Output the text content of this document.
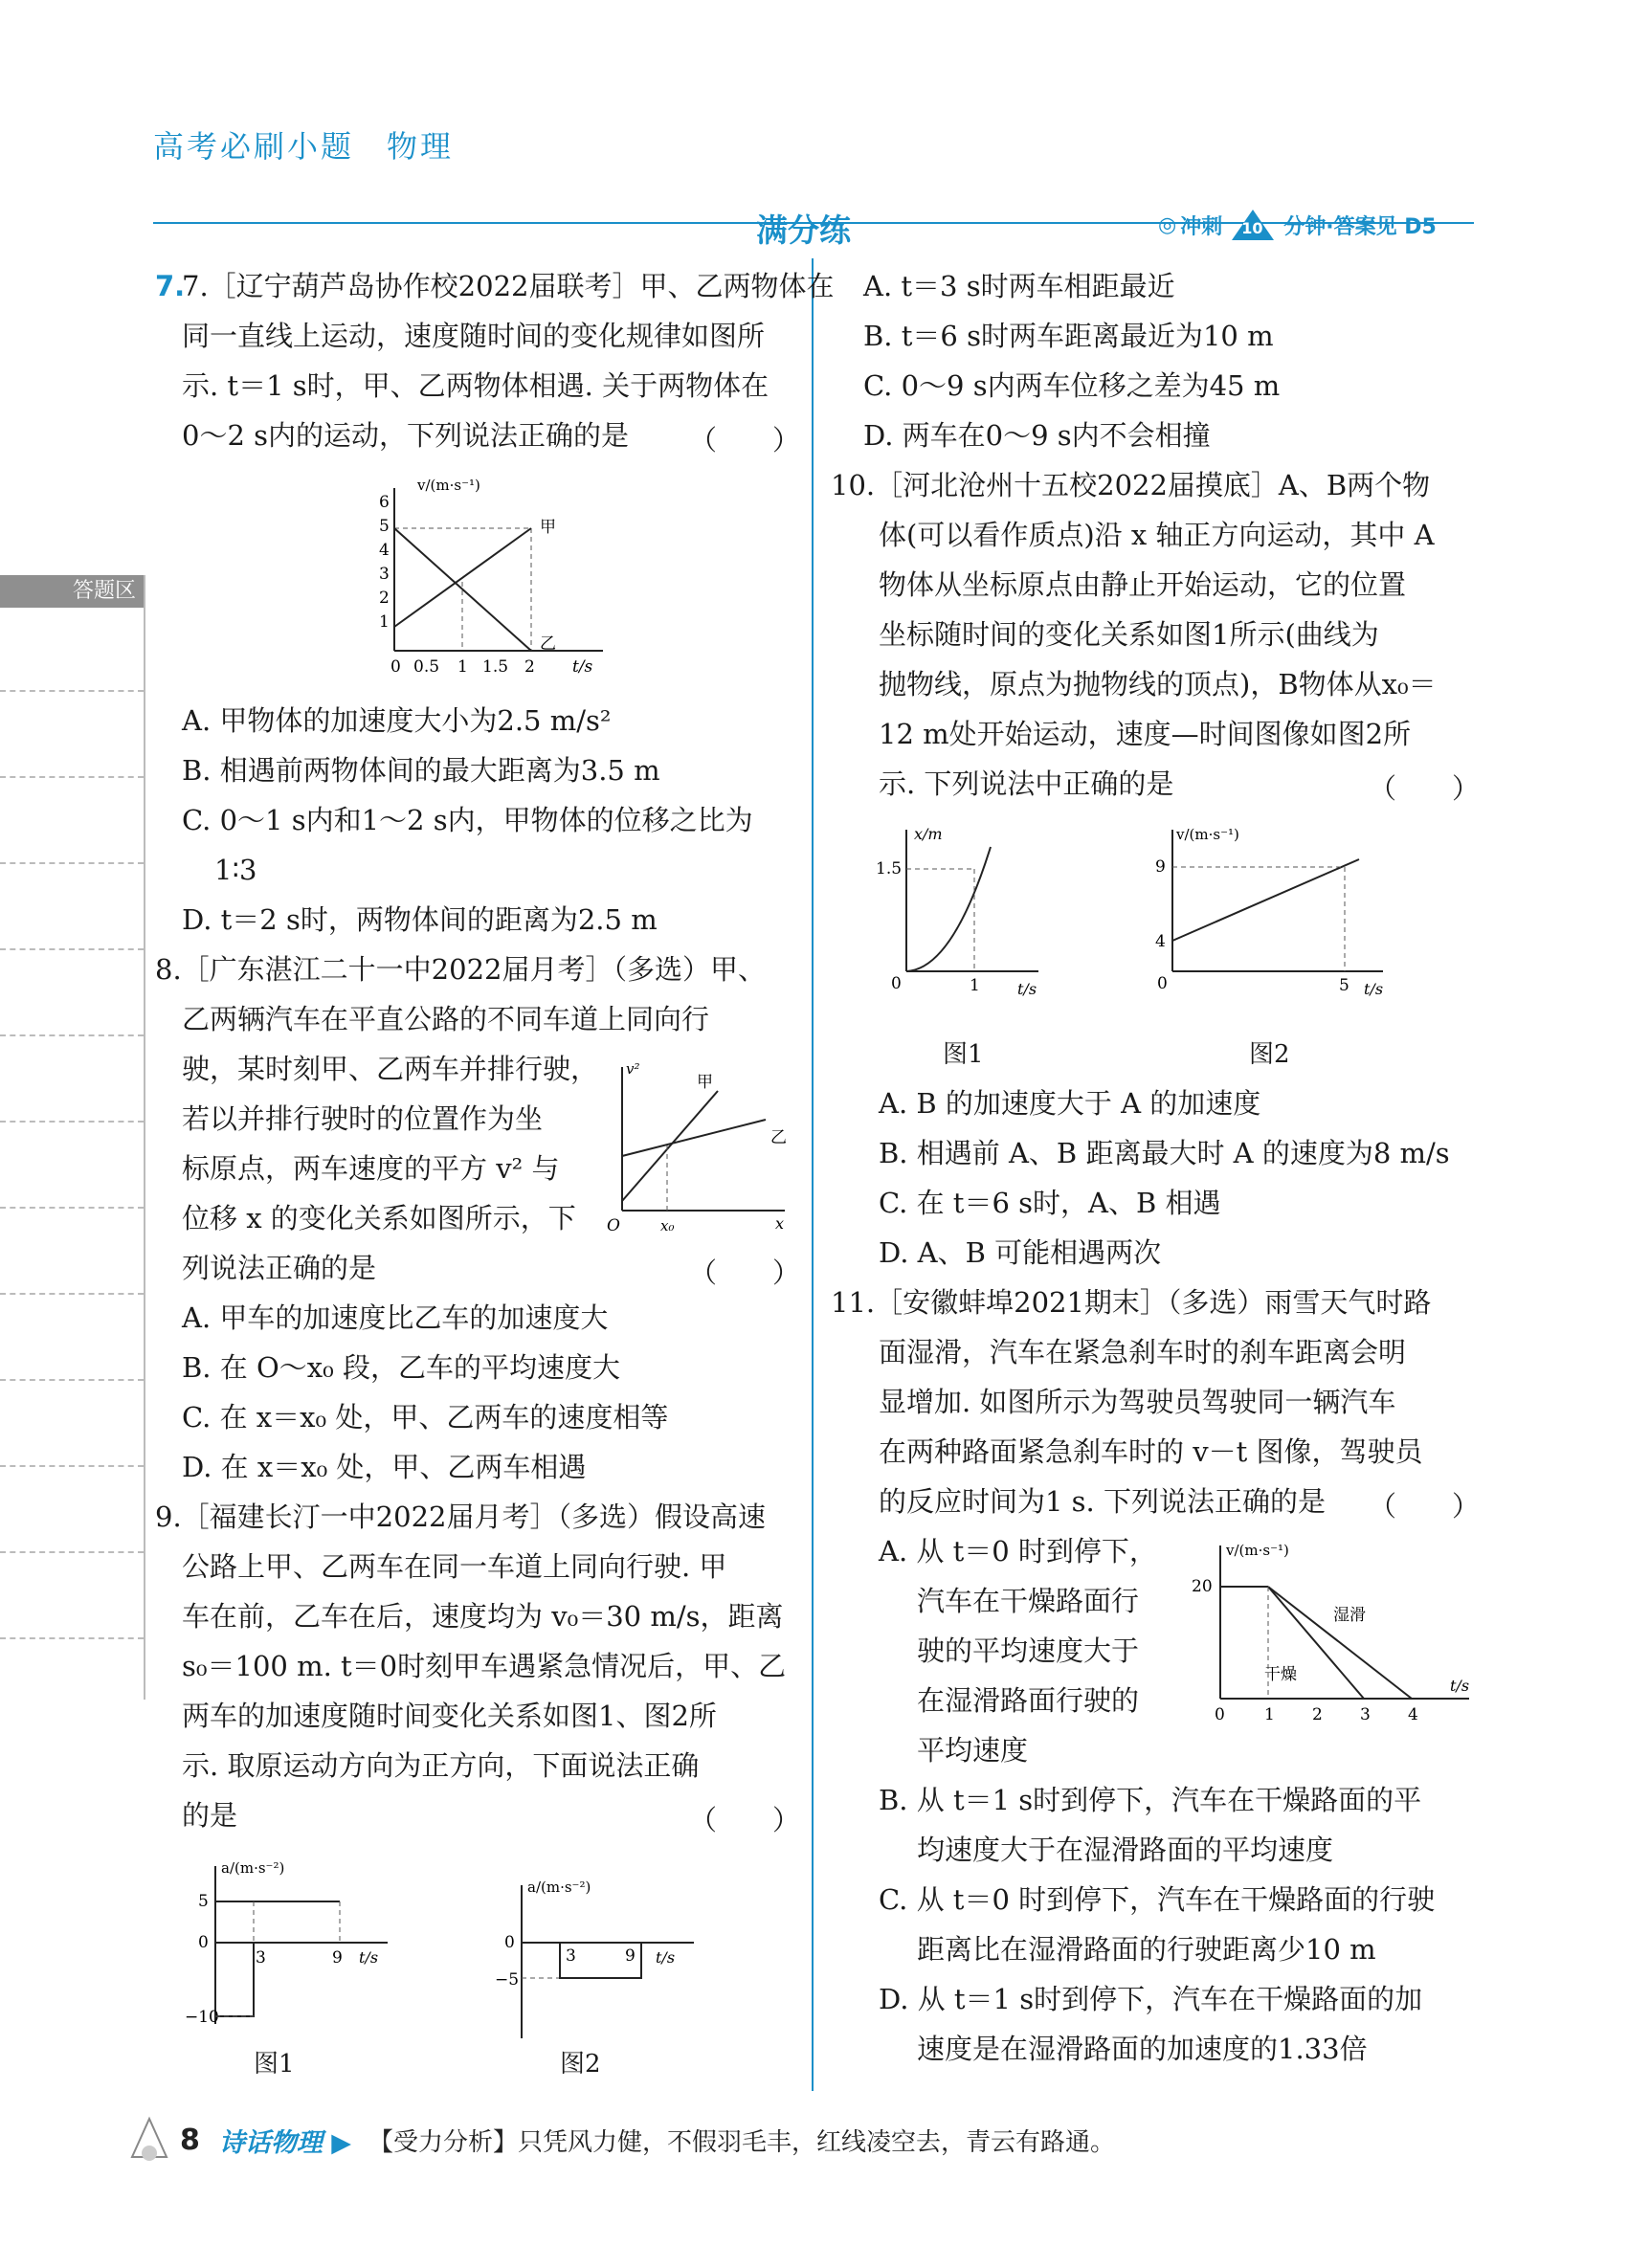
高考必刷小题 物理
满分练	◎ 冲刺 10 分钟·答案见 D5
答题区
7.
7.［辽宁葫芦岛协作校2022届联考］甲、乙两物体在
同一直线上运动，速度随时间的变化规律如图所
示. t＝1 s时，甲、乙两物体相遇. 关于两物体在
0～2 s内的运动，下列说法正确的是 （　　）
v/(m·s⁻¹)
t/s
6
5
4
3
2
1
0 0.5 1 1.5 2
甲
乙
A. 甲物体的加速度大小为2.5 m/s²
B. 相遇前两物体间的最大距离为3.5 m
C. 0～1 s内和1～2 s内，甲物体的位移之比为
1∶3
D. t＝2 s时，两物体间的距离为2.5 m
8.［广东湛江二十一中2022届月考］（多选）甲、
乙两辆汽车在平直公路的不同车道上同向行
驶，某时刻甲、乙两车并排行驶，
若以并排行驶时的位置作为坐
标原点，两车速度的平方 v² 与
位移 x 的变化关系如图所示，下
列说法正确的是	（　　）
v²
x
O	x₀
甲
乙
A. 甲车的加速度比乙车的加速度大
B. 在 O～x₀ 段，乙车的平均速度大
C. 在 x＝x₀ 处，甲、乙两车的速度相等
D. 在 x＝x₀ 处，甲、乙两车相遇
9.［福建长汀一中2022届月考］（多选）假设高速
公路上甲、乙两车在同一车道上同向行驶. 甲
车在前，乙车在后，速度均为 v₀＝30 m/s，距离
s₀＝100 m. t＝0时刻甲车遇紧急情况后，甲、乙
两车的加速度随时间变化关系如图1、图2所
示. 取原运动方向为正方向，下面说法正确
的是	（　　）
a/(m·s⁻²)
t/s
5
0
−10
3	9
图1
a/(m·s⁻²)
t/s
0
−5
3	9
图2
A. t＝3 s时两车相距最近
B. t＝6 s时两车距离最近为10 m
C. 0～9 s内两车位移之差为45 m
D. 两车在0～9 s内不会相撞
10.［河北沧州十五校2022届摸底］A、B两个物
体(可以看作质点)沿 x 轴正方向运动，其中 A
物体从坐标原点由静止开始运动，它的位置
坐标随时间的变化关系如图1所示(曲线为
抛物线，原点为抛物线的顶点)，B物体从x₀＝
12 m处开始运动，速度—时间图像如图2所
示. 下列说法中正确的是	（　　）
x/m
t/s
1.5
1
0
图1
v/(m·s⁻¹)
t/s
9
4
5
0
图2
A. B 的加速度大于 A 的加速度
B. 相遇前 A、B 距离最大时 A 的速度为8 m/s
C. 在 t＝6 s时，A、B 相遇
D. A、B 可能相遇两次
11.［安徽蚌埠2021期末］（多选）雨雪天气时路
面湿滑，汽车在紧急刹车时的刹车距离会明
显增加. 如图所示为驾驶员驾驶同一辆汽车
在两种路面紧急刹车时的 v－t 图像，驾驶员
的反应时间为1 s. 下列说法正确的是 （　　）
A. 从 t＝0 时到停下，
汽车在干燥路面行
驶的平均速度大于
在湿滑路面行驶的
平均速度
v/(m·s⁻¹)
t/s
20
0 1 2 3 4
湿滑
干燥
B. 从 t＝1 s时到停下，汽车在干燥路面的平
均速度大于在湿滑路面的平均速度
C. 从 t＝0 时到停下，汽车在干燥路面的行驶
距离比在湿滑路面的行驶距离少10 m
D. 从 t＝1 s时到停下，汽车在干燥路面的加
速度是在湿滑路面的加速度的1.33倍
8 诗话物理 ▶ 【受力分析】只凭风力健，不假羽毛丰，红线凌空去，青云有路通。
